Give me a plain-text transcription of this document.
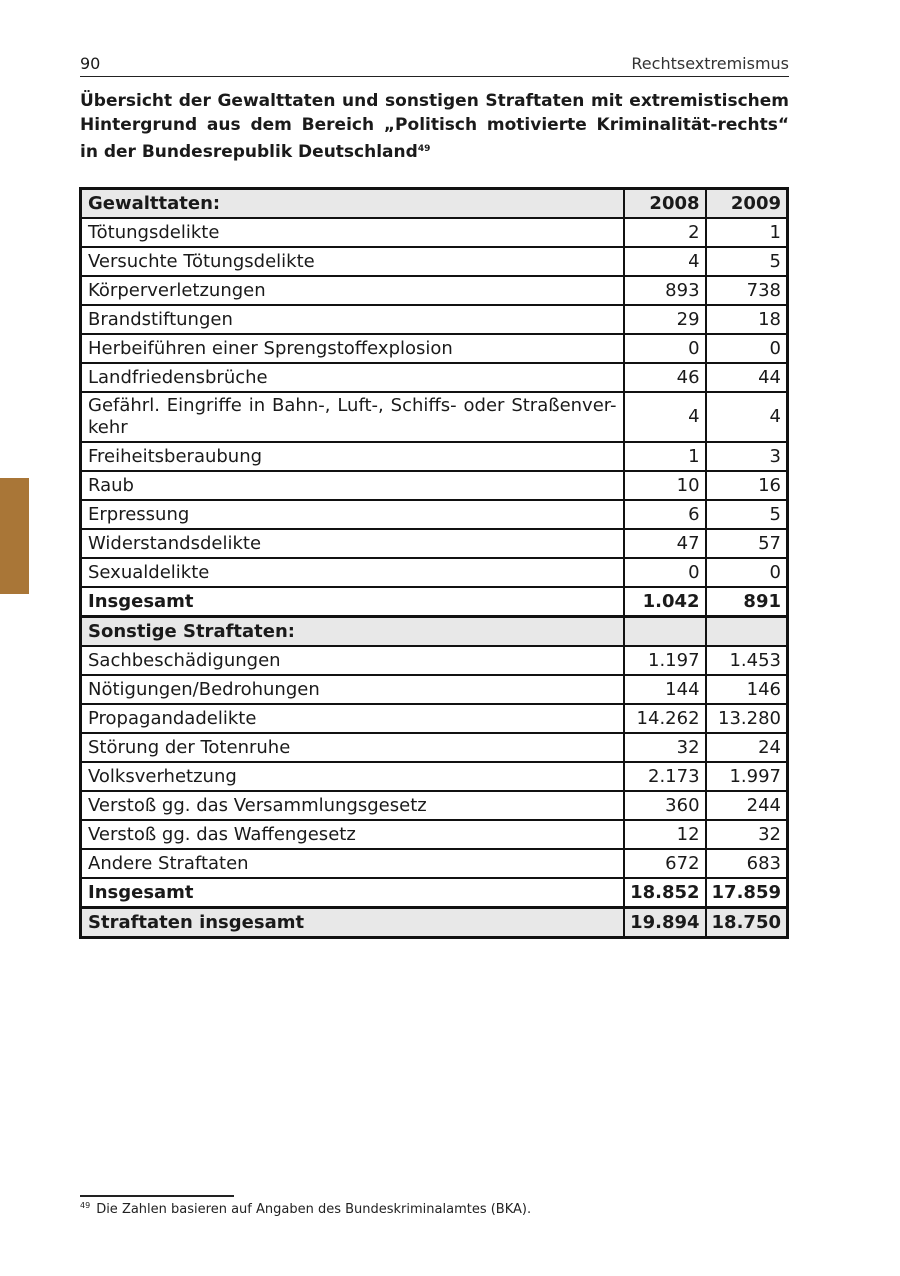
90	Rechtsextremismus
Übersicht der Gewalttaten und sonstigen Straftaten mit extremistischem Hintergrund aus dem Bereich „Politisch motivierte Kriminalität-rechts“ in der Bundesrepublik Deutschland$^{49}$
Gewalttaten:	2008	2009
Tötungsdelikte	2	1
Versuchte Tötungsdelikte	4	5
Körperverletzungen	893	738
Brandstiftungen	29	18
Herbeiführen einer Sprengstoffexplosion	0	0
Landfriedensbrüche	46	44

Gefährl. Eingriffe in Bahn-, Luft-, Schiffs- oder Straßenver-kehr	4	4
Freiheitsberaubung	1	3
Raub	10	16
Erpressung	6	5
Widerstandsdelikte	47	57
Sexualdelikte	0	0
Insgesamt	1.042	891
Sonstige Straftaten:		
Sachbeschädigungen	1.197	1.453
Nötigungen/Bedrohungen	144	146
Propagandadelikte	14.262	13.280
Störung der Totenruhe	32	24
Volksverhetzung	2.173	1.997
Verstoß gg. das Versammlungsgesetz	360	244
Verstoß gg. das Waffengesetz	12	32
Andere Straftaten	672	683
Insgesamt	18.852	17.859
Straftaten insgesamt	19.894	18.750
$^{49}$ Die Zahlen basieren auf Angaben des Bundeskriminalamtes (BKA).
